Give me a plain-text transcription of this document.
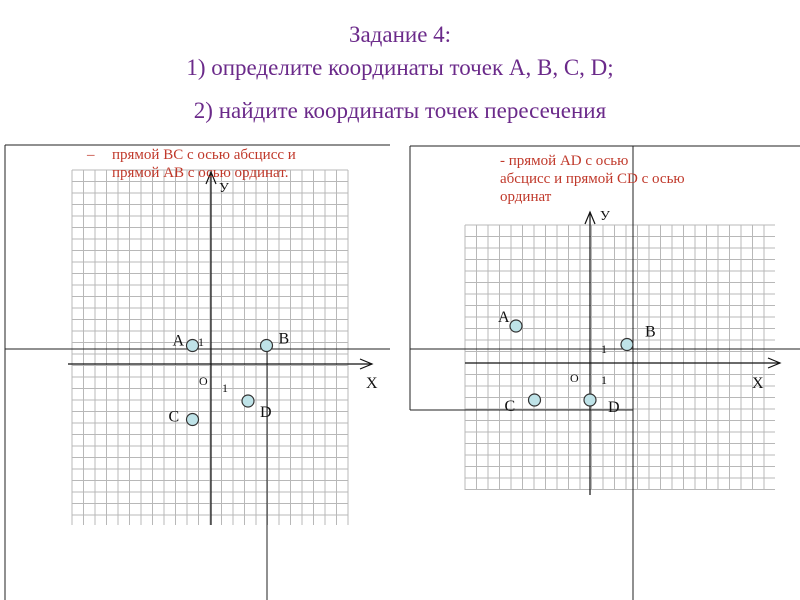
Задание 4:
1) определите координаты точек A, B, C, D;
2) найдите координаты точек пересечения
X
У
О 1
1
A	B
C	D
X
У
О 1
1
A
B
C	D
– прямой BC с осью абсцисс и
прямой AB с осью ординат.
- прямой AD с осью
абсцисс и прямой CD с осью
ординат
